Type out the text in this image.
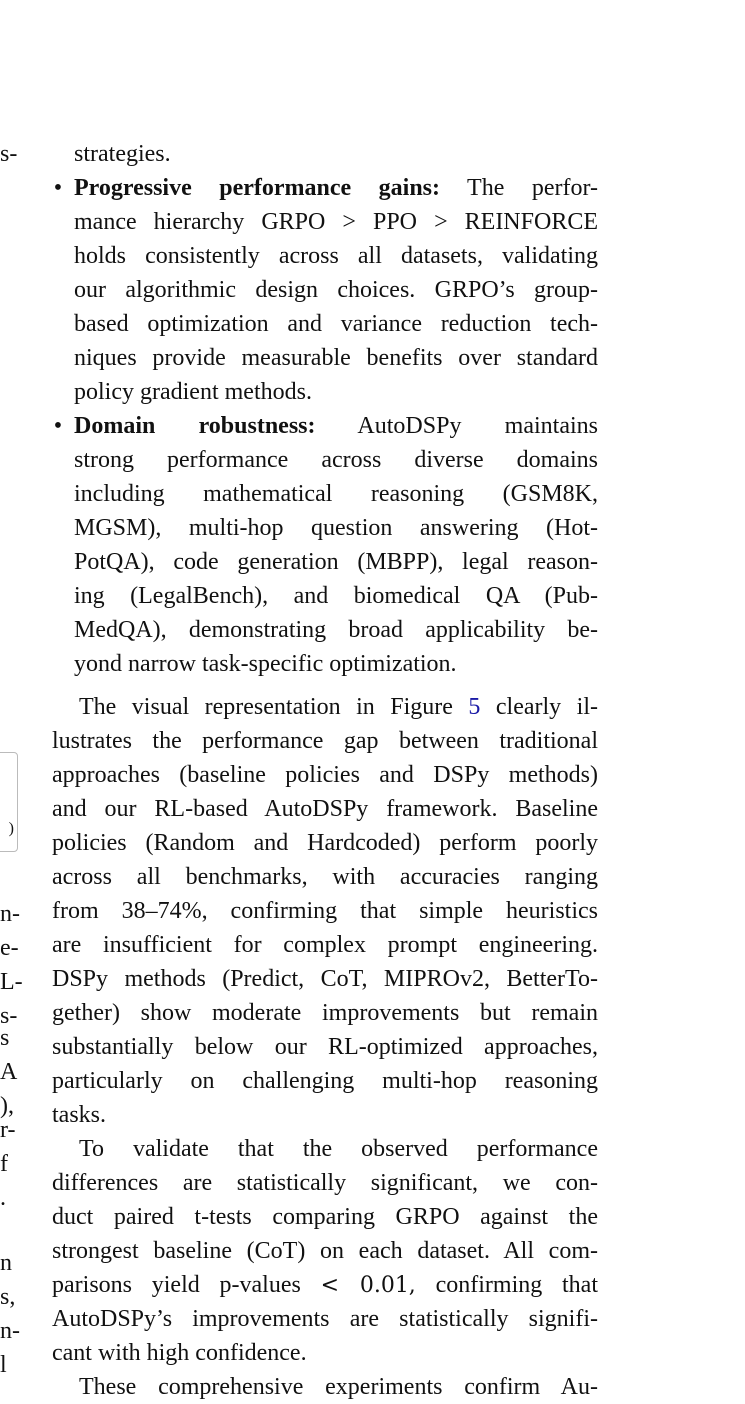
s-
n-
e-
L-
s-
s
A
),
r-
f
.
n
s,
n-
l
)
strategies.
• Progressive performance gains: The perfor-
mance hierarchy GRPO > PPO > REINFORCE
holds consistently across all datasets, validating
our algorithmic design choices. GRPO’s group-
based optimization and variance reduction tech-
niques provide measurable benefits over standard
policy gradient methods.
• Domain robustness: AutoDSPy maintains
strong performance across diverse domains
including mathematical reasoning (GSM8K,
MGSM), multi-hop question answering (Hot-
PotQA), code generation (MBPP), legal reason-
ing (LegalBench), and biomedical QA (Pub-
MedQA), demonstrating broad applicability be-
yond narrow task-specific optimization.
The visual representation in Figure 5 clearly il-
lustrates the performance gap between traditional
approaches (baseline policies and DSPy methods)
and our RL-based AutoDSPy framework. Baseline
policies (Random and Hardcoded) perform poorly
across all benchmarks, with accuracies ranging
from 38–74%, confirming that simple heuristics
are insufficient for complex prompt engineering.
DSPy methods (Predict, CoT, MIPROv2, BetterTo-
gether) show moderate improvements but remain
substantially below our RL-optimized approaches,
particularly on challenging multi-hop reasoning
tasks.
To validate that the observed performance
differences are statistically significant, we con-
duct paired t-tests comparing GRPO against the
strongest baseline (CoT) on each dataset. All com-
parisons yield p-values < 0.01, confirming that
AutoDSPy’s improvements are statistically signifi-
cant with high confidence.
These comprehensive experiments confirm Au-
